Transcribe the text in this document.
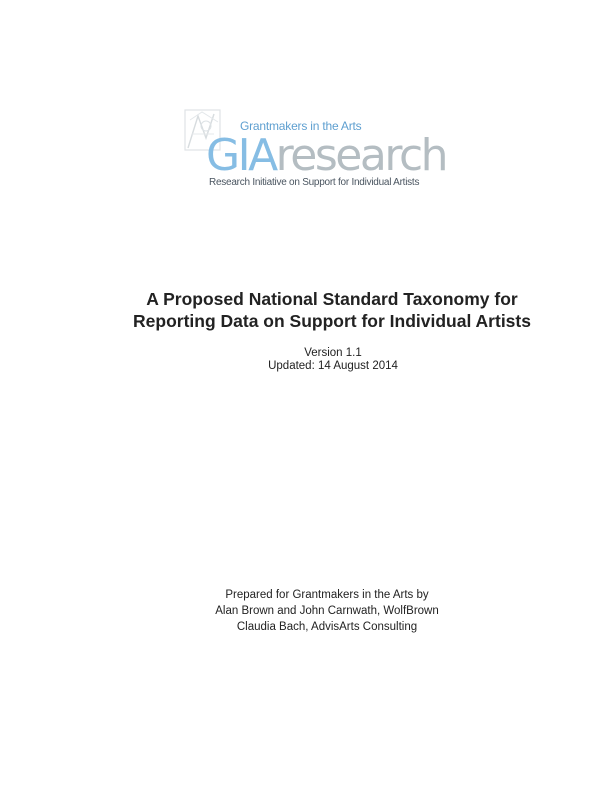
Grantmakers in the Arts
GIAresearch
Research Initiative on Support for Individual Artists
A Proposed National Standard Taxonomy for
Reporting Data on Support for Individual Artists
Version 1.1
Updated: 14 August 2014
Prepared for Grantmakers in the Arts by
Alan Brown and John Carnwath, WolfBrown
Claudia Bach, AdvisArts Consulting
